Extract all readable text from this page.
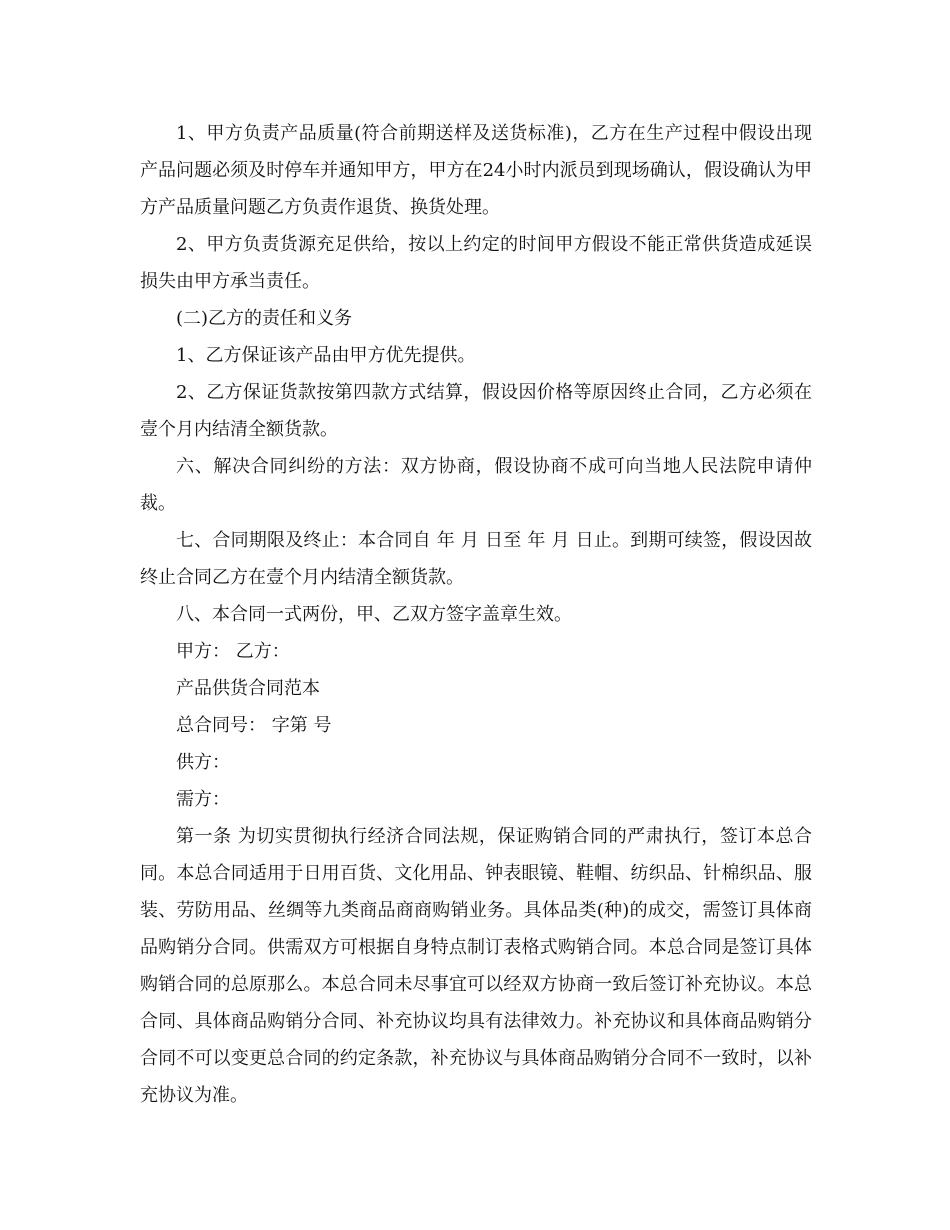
1、甲方负责产品质量(符合前期送样及送货标准)，乙方在生产过程中假设出现产品问题必须及时停车并通知甲方，甲方在24小时内派员到现场确认，假设确认为甲方产品质量问题乙方负责作退货、换货处理。

2、甲方负责货源充足供给，按以上约定的时间甲方假设不能正常供货造成延误损失由甲方承当责任。

(二)乙方的责任和义务

1、乙方保证该产品由甲方优先提供。

2、乙方保证货款按第四款方式结算，假设因价格等原因终止合同，乙方必须在壹个月内结清全额货款。

六、解决合同纠纷的方法：双方协商，假设协商不成可向当地人民法院申请仲裁。

七、合同期限及终止：本合同自 年 月 日至 年 月 日止。到期可续签，假设因故终止合同乙方在壹个月内结清全额货款。

八、本合同一式两份，甲、乙双方签字盖章生效。

甲方： 乙方：

产品供货合同范本

总合同号： 字第 号

供方：

需方：

第一条 为切实贯彻执行经济合同法规，保证购销合同的严肃执行，签订本总合同。本总合同适用于日用百货、文化用品、钟表眼镜、鞋帽、纺织品、针棉织品、服装、劳防用品、丝绸等九类商品商商购销业务。具体品类(种)的成交，需签订具体商品购销分合同。供需双方可根据自身特点制订表格式购销合同。本总合同是签订具体购销合同的总原那么。本总合同未尽事宜可以经双方协商一致后签订补充协议。本总合同、具体商品购销分合同、补充协议均具有法律效力。补充协议和具体商品购销分合同不可以变更总合同的约定条款，补充协议与具体商品购销分合同不一致时，以补充协议为准。
